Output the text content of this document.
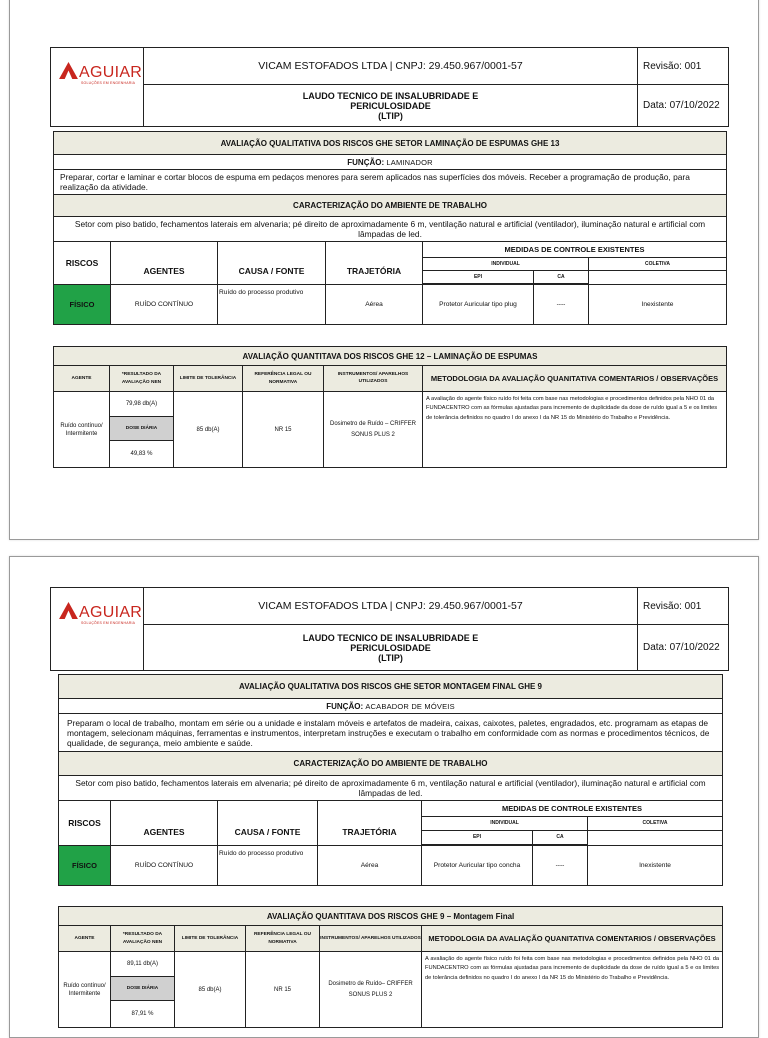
AGUIAR
SOLUÇÕES EM ENGENHARIA	VICAM ESTOFADOS LTDA | CNPJ: 29.450.967/0001-57	Revisão: 001

	LAUDO TECNICO DE INSALUBRIDADE E
PERICULOSIDADE
(LTIP)	Data: 07/10/2022
AVALIAÇÃO QUALITATIVA DOS RISCOS GHE SETOR LAMINAÇÃO DE ESPUMAS GHE 13						
FUNÇÃO: LAMINADOR						
Preparar, cortar e laminar e cortar blocos de espuma em pedaços menores para serem aplicados nas superfícies dos móveis. Receber a programação de produção, para realização da atividade.						
CARACTERIZAÇÃO DO AMBIENTE DE TRABALHO						
Setor com piso batido, fechamentos laterais em alvenaria; pé direito de aproximadamente 6 m, ventilação natural e artificial (ventilador), iluminação natural e artificial com lâmpadas de led.						
RISCOS	AGENTES	CAUSA / FONTE	TRAJETÓRIA	MEDIDAS DE CONTROLE EXISTENTES		
				INDIVIDUAL		COLETIVA
				EPI	CA	

FÍSICO	RUÍDO CONTÍNUO	Ruído do processo produtivo	Aérea	Protetor Auricular tipo plug	----	Inexistente
AVALIAÇÃO QUANTITAVA DOS RISCOS GHE 12 – LAMINAÇÃO DE ESPUMAS					
AGENTE	*RESULTADO DA AVALIAÇÃO NEN	LIMITE DE TOLERÂNCIA	REFERÊNCIA LEGAL OU NORMATIVA	INSTRUMENTOS/ APARELHOS UTILIZADOS	METODOLOGIA DA AVALIAÇÃO QUANITATIVA COMENTARIOS / OBSERVAÇÕES
Ruído contínuo/ Intermitente	79,98 db(A)	85 db(A)	NR 15	Dosimetro de Ruído – CRIFFER SONUS PLUS 2	A avaliação do agente físico ruído foi feita com base nas metodologias e procedimentos definidos pela NHO 01 da FUNDACENTRO com as fórmulas ajustadas para incremento de duplicidade da dose de ruído igual a 5 e os limites de tolerância definidos no quadro I do anexo I da NR 15 do Ministério do Trabalho e Previdência.
	DOSE DIÁRIA				
	49,83 %				
AGUIAR
SOLUÇÕES EM ENGENHARIA	VICAM ESTOFADOS LTDA | CNPJ: 29.450.967/0001-57	Revisão: 001

	LAUDO TECNICO DE INSALUBRIDADE E
PERICULOSIDADE
(LTIP)	Data: 07/10/2022
AVALIAÇÃO QUALITATIVA DOS RISCOS GHE SETOR MONTAGEM FINAL GHE 9						
FUNÇÃO: ACABADOR DE MÓVEIS						
Preparam o local de trabalho, montam em série ou a unidade e instalam móveis e artefatos de madeira, caixas, caixotes, paletes, engradados, etc. programam as etapas de montagem, selecionam máquinas, ferramentas e instrumentos, interpretam instruções e executam o trabalho em conformidade com as normas e procedimentos técnicos, de qualidade, de segurança, meio ambiente e saúde.						
CARACTERIZAÇÃO DO AMBIENTE DE TRABALHO						
Setor com piso batido, fechamentos laterais em alvenaria; pé direito de aproximadamente 6 m, ventilação natural e artificial (ventilador), iluminação natural e artificial com lâmpadas de led.						
RISCOS	AGENTES	CAUSA / FONTE	TRAJETÓRIA	MEDIDAS DE CONTROLE EXISTENTES		
				INDIVIDUAL		COLETIVA
				EPI	CA	

FÍSICO	RUÍDO CONTÍNUO	Ruído do processo produtivo	Aérea	Protetor Auricular tipo concha	----	Inexistente
AVALIAÇÃO QUANTITAVA DOS RISCOS GHE 9 – Montagem Final					
AGENTE	*RESULTADO DA AVALIAÇÃO NEN	LIMITE DE TOLERÂNCIA	REFERÊNCIA LEGAL OU NORMATIVA	INSTRUMENTOS/ APARELHOS UTILIZADOS	METODOLOGIA DA AVALIAÇÃO QUANITATIVA COMENTARIOS / OBSERVAÇÕES
Ruído contínuo/ Intermitente	89,11 db(A)	85 db(A)	NR 15	Dosimetro de Ruído– CRIFFER SONUS PLUS 2	A avaliação do agente físico ruído foi feita com base nas metodologias e procedimentos definidos pela NHO 01 da FUNDACENTRO com as fórmulas ajustadas para incremento de duplicidade da dose de ruído igual a 5 e os limites de tolerância definidos no quadro I do anexo I da NR 15 do Ministério do Trabalho e Previdência.
	DOSE DIÁRIA				
	87,91 %				
